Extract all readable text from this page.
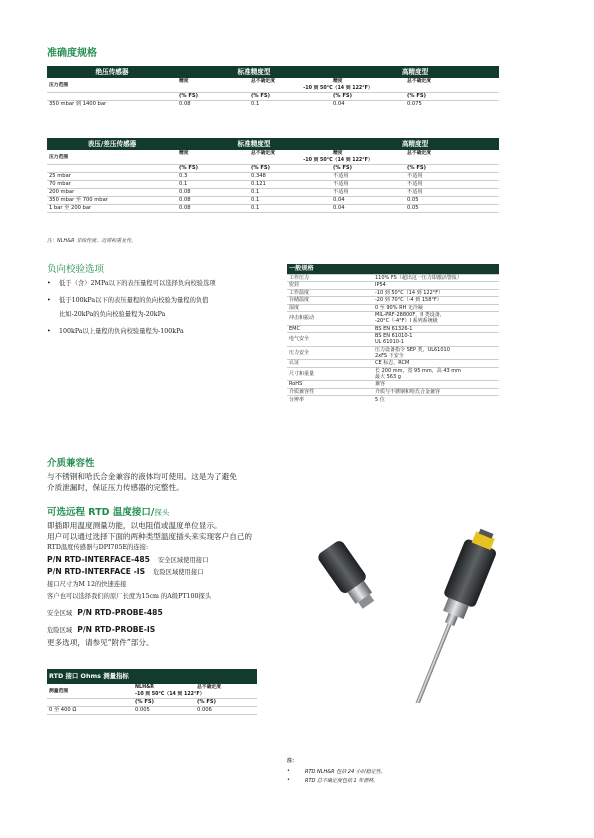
准确度规格
绝压传感器	标准精度型		高精度型	
压力范围	精度	总不确定度	精度	总不确定度
	-10 到 50°C（14 到 122°F）			
	(% FS)	(% FS)	(% FS)	(% FS)
350 mbar 到 1400 bar	0.08	0.1	0.04	0.075
表压/差压传感器	标准精度型		高精度型	
压力范围	精度	总不确定度	精度	总不确定度
	-10 到 50°C（14 到 122°F）			
	(% FS)	(% FS)	(% FS)	(% FS)
25 mbar	0.3	0.348	不适用	不适用
70 mbar	0.1	0.121	不适用	不适用
200 mbar	0.08	0.1	不适用	不适用
350 mbar 至 700 mbar	0.08	0.1	0.04	0.05
1 bar 至 200 bar	0.08	0.1	0.04	0.05
注：NLH&R 非线性度、迟滞和重复性。
负向校验选项
•	低于（含）2MPa以下的表压量程可以选择负向校验选项
•	低于100kPa以下的表压量程的负向校验为量程的负值
比如-20kPa的负向校验量程为-20kPa
•	100kPa以上量程的负向校验量程为-100kPa
一般规格	
工作压力	110% FS（超出这一压力即激活警报）
密封	IP54
工作温度	-10 到 50°C（14 到 122°F）
存储温度	-20 到 70°C（-4 到 158°F）
湿度	0 至 90% RH 无冷凝
冲击和振动	MIL-PRF-28800F，II 类设备，
-20°C（-4°F）I 系列系统级
EMC	BS EN 61326-1
电气安全	BS EN 61010-1
UL 61010-1
压力安全	压力设备指令 SEP 类，UL61010
2xFS 下安全
认证	CE 标志，RCM
尺寸和重量	长 200 mm，宽 95 mm，高 43 mm
最大 563 g
RoHS	兼容
介质兼容性	介质与不锈钢和哈氏合金兼容
分辨率	5 位
介质兼容性
与不锈钢和哈氏合金兼容的液体均可使用。这是为了避免
介质泄漏时，保证压力传感器的完整性。
可选远程 RTD 温度接口/探头
即插即用温度测量功能，以电阻值或温度单位显示。
用户可以通过选择下面的两种类型温度插头来实现客户自己的
RTD温度传感器与DPI705E的连接:
P/N RTD-INTERFACE-485 安全区域使用接口
P/N RTD-INTERFACE -IS 危险区域使用接口
接口尺寸为M 12的快速连接
客户也可以选择我们的原厂长度为15cm 的A级PT100探头
安全区域 P/N RTD-PROBE-485
危险区域 P/N RTD-PROBE-IS
更多选项，请参见“附件”部分。
RTD 接口 Ohms 测量指标		
测量范围	NLH&R	总不确定度
	-10 到 50°C（14 到 122°F）	
	(% FS)	(% FS)
0 至 400 Ω	0.005	0.006
注：
•	RTD NLH&R 包括 24 小时稳定性。
•	RTD 总不确定度包括 1 年漂移。
